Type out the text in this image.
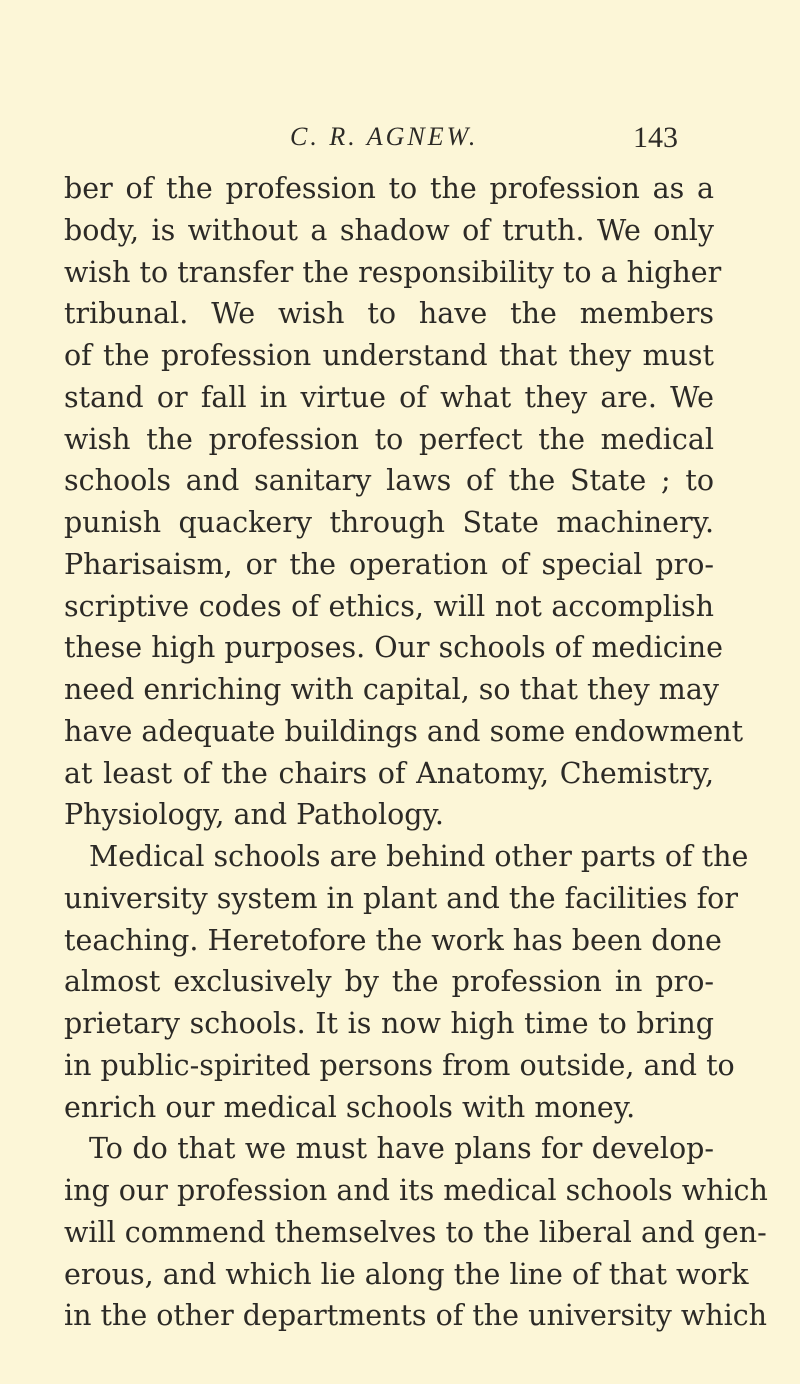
C. R. AGNEW.	143
ber of the profession to the profession as a
body, is without a shadow of truth. We only
wish to transfer the responsibility to a higher
tribunal. We wish to have the members
of the profession understand that they must
stand or fall in virtue of what they are. We
wish the profession to perfect the medical
schools and sanitary laws of the State ; to
punish quackery through State machinery.
Pharisaism, or the operation of special pro-
scriptive codes of ethics, will not accomplish
these high purposes. Our schools of medicine
need enriching with capital, so that they may
have adequate buildings and some endowment
at least of the chairs of Anatomy, Chemistry,
Physiology, and Pathology.
Medical schools are behind other parts of the
university system in plant and the facilities for
teaching. Heretofore the work has been done
almost exclusively by the profession in pro-
prietary schools. It is now high time to bring
in public-spirited persons from outside, and to
enrich our medical schools with money.
To do that we must have plans for develop-
ing our profession and its medical schools which
will commend themselves to the liberal and gen-
erous, and which lie along the line of that work
in the other departments of the university which
